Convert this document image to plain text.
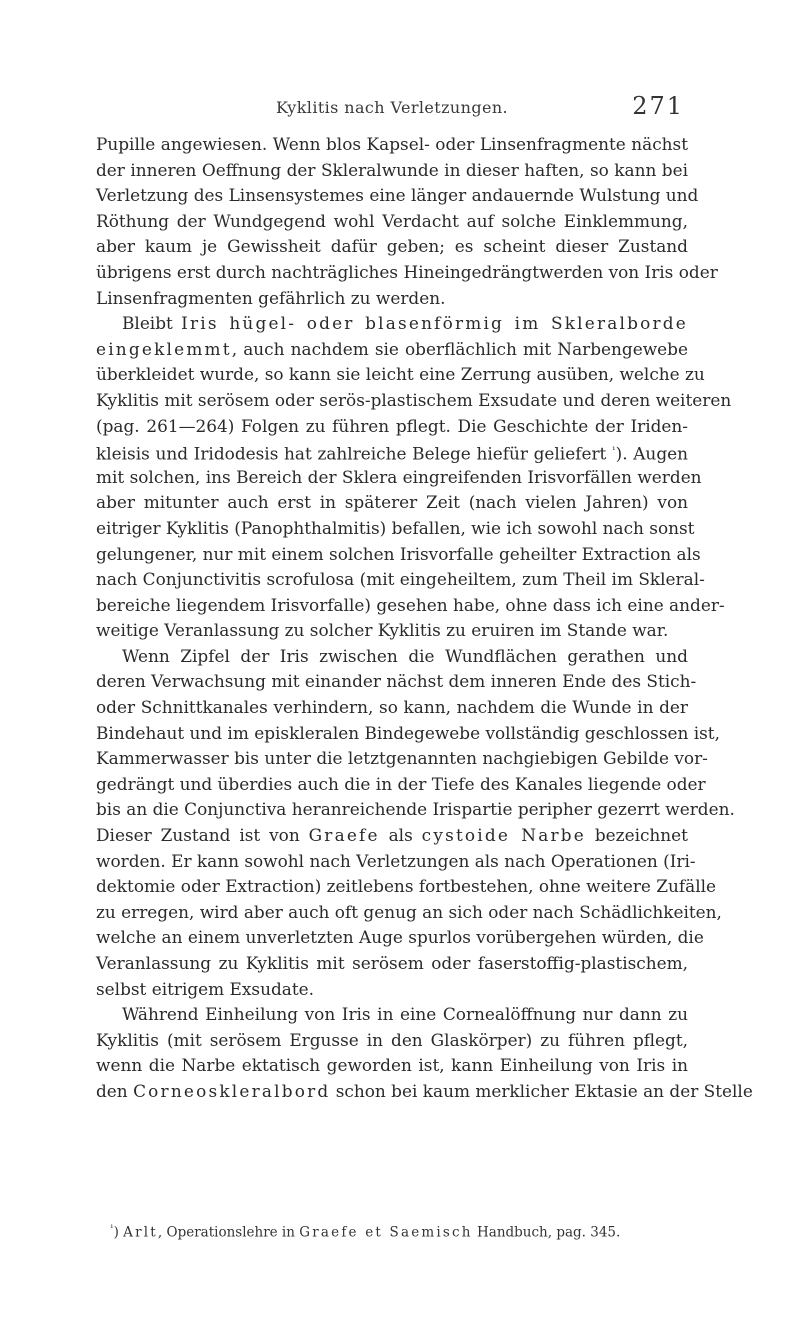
Kyklitis nach Verletzungen.	271
Pupille angewiesen. Wenn blos Kapsel- oder Linsenfragmente nächst
der inneren Oeffnung der Skleralwunde in dieser haften, so kann bei
Verletzung des Linsensystemes eine länger andauernde Wulstung und
Röthung der Wundgegend wohl Verdacht auf solche Einklemmung,
aber kaum je Gewissheit dafür geben; es scheint dieser Zustand
übrigens erst durch nachträgliches Hineingedrängtwerden von Iris oder
Linsenfragmenten gefährlich zu werden.
Bleibt Iris hügel- oder blasenförmig im Skleralborde
eingeklemmt, auch nachdem sie oberflächlich mit Narbengewebe
überkleidet wurde, so kann sie leicht eine Zerrung ausüben, welche zu
Kyklitis mit serösem oder serös-plastischem Exsudate und deren weiteren
(pag. 261—264) Folgen zu führen pflegt. Die Geschichte der Iriden-
kleisis und Iridodesis hat zahlreiche Belege hiefür geliefert $^{^1}$). Augen
mit solchen, ins Bereich der Sklera eingreifenden Irisvorfällen werden
aber mitunter auch erst in späterer Zeit (nach vielen Jahren) von
eitriger Kyklitis (Panophthalmitis) befallen, wie ich sowohl nach sonst
gelungener, nur mit einem solchen Irisvorfalle geheilter Extraction als
nach Conjunctivitis scrofulosa (mit eingeheiltem, zum Theil im Skleral-
bereiche liegendem Irisvorfalle) gesehen habe, ohne dass ich eine ander-
weitige Veranlassung zu solcher Kyklitis zu eruiren im Stande war.
Wenn Zipfel der Iris zwischen die Wundflächen gerathen und
deren Verwachsung mit einander nächst dem inneren Ende des Stich-
oder Schnittkanales verhindern, so kann, nachdem die Wunde in der
Bindehaut und im episkleralen Bindegewebe vollständig geschlossen ist,
Kammerwasser bis unter die letztgenannten nachgiebigen Gebilde vor-
gedrängt und überdies auch die in der Tiefe des Kanales liegende oder
bis an die Conjunctiva heranreichende Irispartie peripher gezerrt werden.
Dieser Zustand ist von Graefe als cystoide Narbe bezeichnet
worden. Er kann sowohl nach Verletzungen als nach Operationen (Iri-
dektomie oder Extraction) zeitlebens fortbestehen, ohne weitere Zufälle
zu erregen, wird aber auch oft genug an sich oder nach Schädlichkeiten,
welche an einem unverletzten Auge spurlos vorübergehen würden, die
Veranlassung zu Kyklitis mit serösem oder faserstoffig-plastischem,
selbst eitrigem Exsudate.
Während Einheilung von Iris in eine Cornealöffnung nur dann zu
Kyklitis (mit serösem Ergusse in den Glaskörper) zu führen pflegt,
wenn die Narbe ektatisch geworden ist, kann Einheilung von Iris in
den Corneoskleralbord schon bei kaum merklicher Ektasie an der Stelle
$^{^1}$) Arlt, Operationslehre in Graefe et Saemisch Handbuch, pag. 345.
